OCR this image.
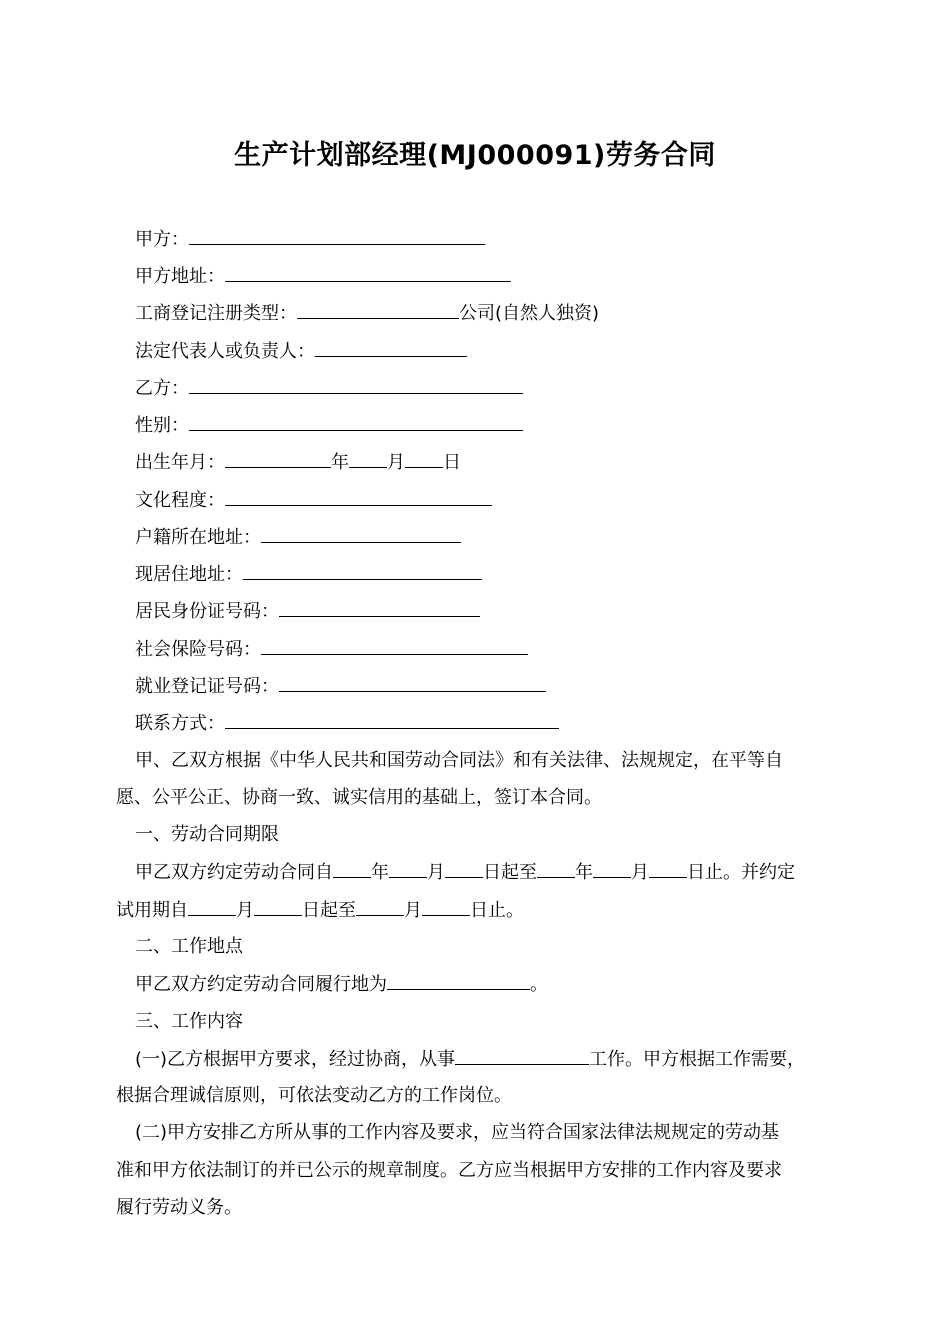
生产计划部经理(MJ000091)劳务合同
甲方：
甲方地址：
工商登记注册类型：	公司(自然人独资)
法定代表人或负责人：
乙方：
性别：
出生年月：	年 月 日
文化程度：
户籍所在地址：
现居住地址：
居民身份证号码：
社会保险号码：
就业登记证号码：
联系方式：
甲、乙双方根据《中华人民共和国劳动合同法》和有关法律、法规规定，在平等自
愿、公平公正、协商一致、诚实信用的基础上，签订本合同。
一、劳动合同期限
甲乙双方约定劳动合同自 年 月 日起至 年 月 日止。并约定
试用期自	月	日起至	月	日止。
二、工作地点
甲乙双方约定劳动合同履行地为	。
三、工作内容
(一)乙方根据甲方要求，经过协商，从事	工作。甲方根据工作需要，
根据合理诚信原则，可依法变动乙方的工作岗位。
(二)甲方安排乙方所从事的工作内容及要求，应当符合国家法律法规规定的劳动基
准和甲方依法制订的并已公示的规章制度。乙方应当根据甲方安排的工作内容及要求
履行劳动义务。
